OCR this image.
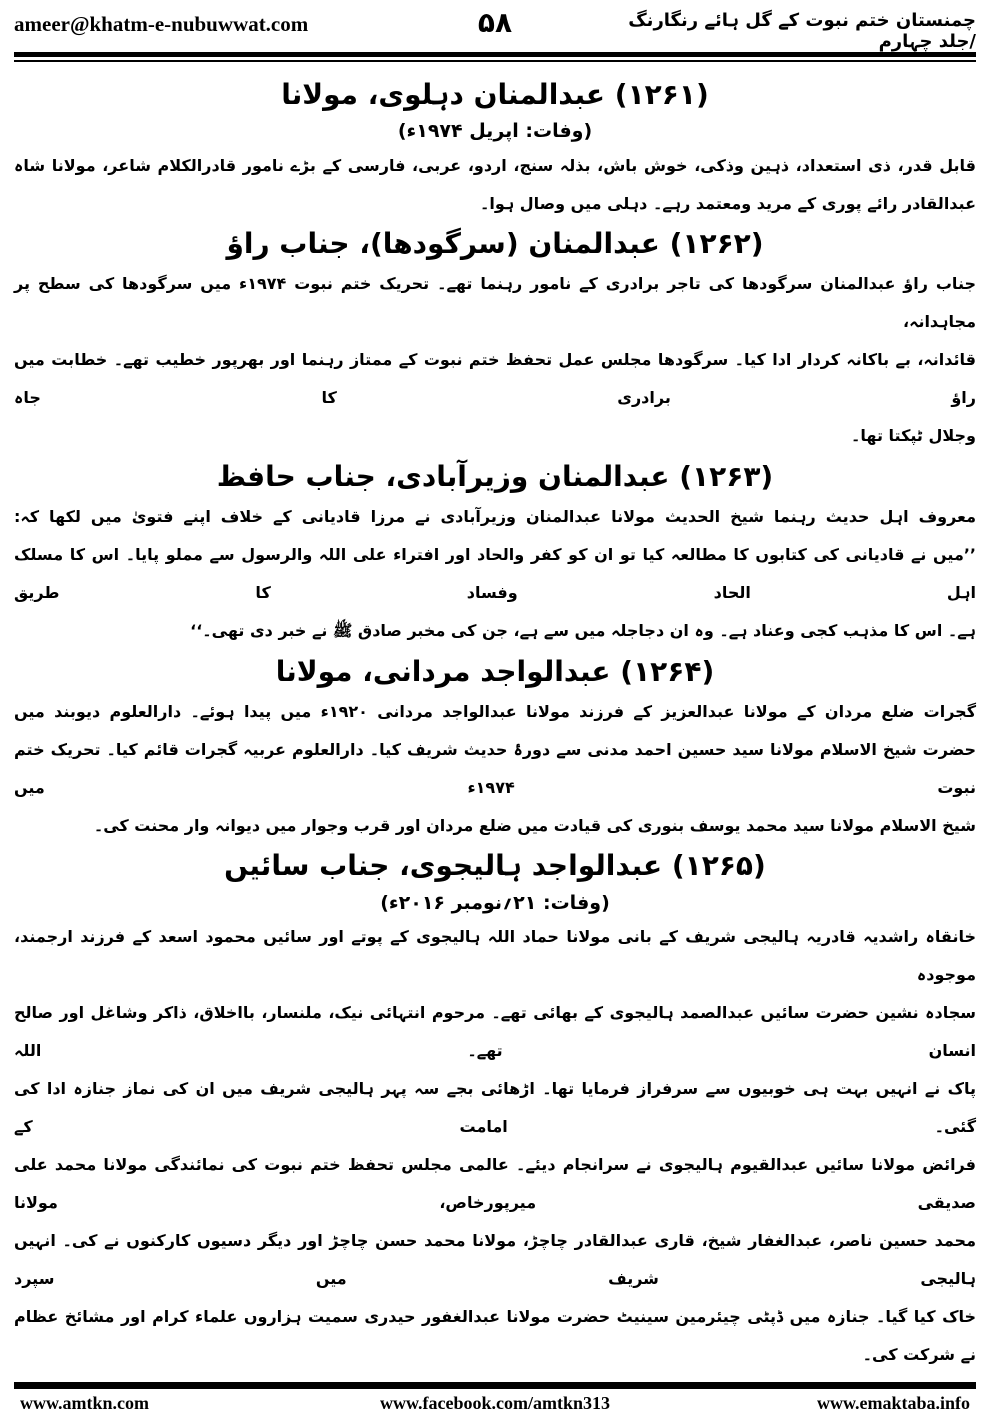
ameer@khatm-e-nubuwwat.com	۵۸	چمنستان ختم نبوت کے گل ہائے رنگارنگ /جلد چہارم
(۱۲۶۱) عبدالمنان دہلوی، مولانا
(وفات: اپریل ۱۹۷۴ء)
قابل قدر، ذی استعداد، ذہین وذکی، خوش باش، بذلہ سنج، اردو، عربی، فارسی کے بڑے نامور قادرالکلام شاعر، مولانا شاہ
عبدالقادر رائے پوری کے مرید ومعتمد رہے۔ دہلی میں وصال ہوا۔
(۱۲۶۲) عبدالمنان (سرگودھا)، جناب راؤ
جناب راؤ عبدالمنان سرگودھا کی تاجر برادری کے نامور رہنما تھے۔ تحریک ختم نبوت ۱۹۷۴ء میں سرگودھا کی سطح پر مجاہدانہ،
قائدانہ، بے باکانہ کردار ادا کیا۔ سرگودھا مجلس عمل تحفظ ختم نبوت کے ممتاز رہنما اور بھرپور خطیب تھے۔ خطابت میں راؤ برادری کا جاہ
وجلال ٹپکتا تھا۔
(۱۲۶۳) عبدالمنان وزیرآبادی، جناب حافظ
معروف اہل حدیث رہنما شیخ الحدیث مولانا عبدالمنان وزیرآبادی نے مرزا قادیانی کے خلاف اپنے فتویٰ میں لکھا کہ:
’’میں نے قادیانی کی کتابوں کا مطالعہ کیا تو ان کو کفر والحاد اور افتراء علی اللہ والرسول سے مملو پایا۔ اس کا مسلک اہل الحاد وفساد کا طریق
ہے۔ اس کا مذہب کجی وعناد ہے۔ وہ ان دجاجلہ میں سے ہے، جن کی مخبر صادق ﷺ نے خبر دی تھی۔‘‘
(۱۲۶۴) عبدالواجد مردانی، مولانا
گجرات ضلع مردان کے مولانا عبدالعزیز کے فرزند مولانا عبدالواجد مردانی ۱۹۲۰ء میں پیدا ہوئے۔ دارالعلوم دیوبند میں
حضرت شیخ الاسلام مولانا سید حسین احمد مدنی سے دورۂ حدیث شریف کیا۔ دارالعلوم عربیہ گجرات قائم کیا۔ تحریک ختم نبوت ۱۹۷۴ء میں
شیخ الاسلام مولانا سید محمد یوسف بنوری کی قیادت میں ضلع مردان اور قرب وجوار میں دیوانہ وار محنت کی۔
(۱۲۶۵) عبدالواجد ہالیجوی، جناب سائیں
(وفات: ۲۱؍نومبر ۲۰۱۶ء)
خانقاہ راشدیہ قادریہ ہالیجی شریف کے بانی مولانا حماد اللہ ہالیجوی کے پوتے اور سائیں محمود اسعد کے فرزند ارجمند، موجودہ
سجادہ نشین حضرت سائیں عبدالصمد ہالیجوی کے بھائی تھے۔ مرحوم انتہائی نیک، ملنسار، بااخلاق، ذاکر وشاغل اور صالح انسان تھے۔ اللہ
پاک نے انہیں بہت ہی خوبیوں سے سرفراز فرمایا تھا۔ اڑھائی بجے سہ پہر ہالیجی شریف میں ان کی نماز جنازہ ادا کی گئی۔ امامت کے
فرائض مولانا سائیں عبدالقیوم ہالیجوی نے سرانجام دیئے۔ عالمی مجلس تحفظ ختم نبوت کی نمائندگی مولانا محمد علی صدیقی میرپورخاص، مولانا
محمد حسین ناصر، عبدالغفار شیخ، قاری عبدالقادر چاچڑ، مولانا محمد حسن چاچڑ اور دیگر دسیوں کارکنوں نے کی۔ انہیں ہالیجی شریف میں سپرد
خاک کیا گیا۔ جنازہ میں ڈپٹی چیئرمین سینیٹ حضرت مولانا عبدالغفور حیدری سمیت ہزاروں علماء کرام اور مشائخ عظام نے شرکت کی۔
www.amtkn.com	www.facebook.com/amtkn313	www.emaktaba.info
